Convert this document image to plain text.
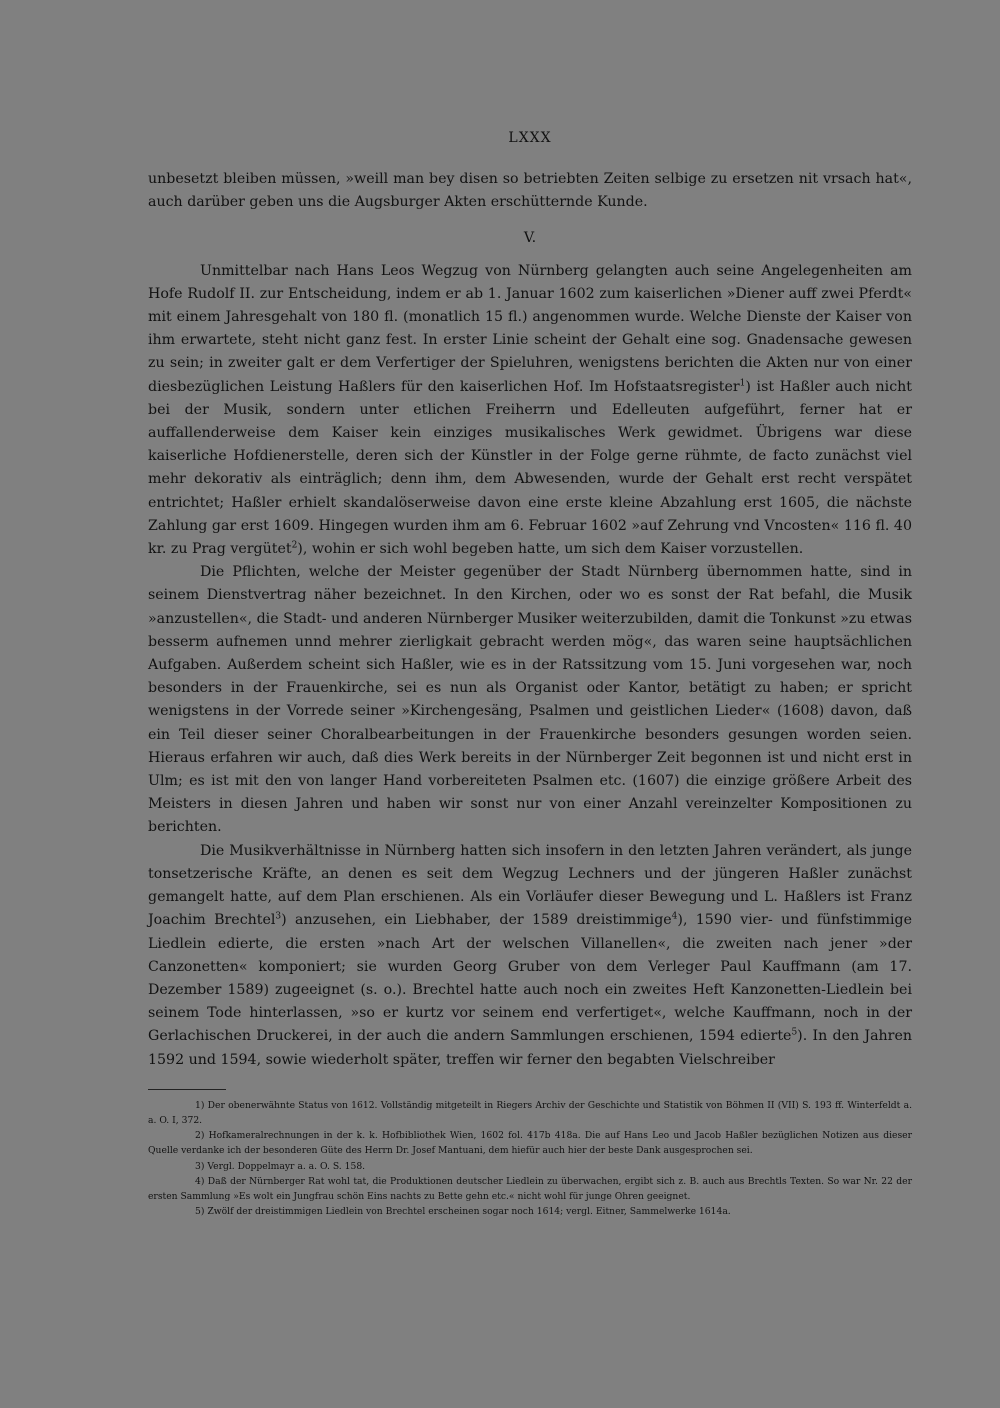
LXXX

unbesetzt bleiben müssen, »weill man bey disen so betriebten Zeiten selbige zu ersetzen nit vrsach hat«, auch darüber geben uns die Augsburger Akten erschütternde Kunde.

V.

Unmittelbar nach Hans Leos Wegzug von Nürnberg gelangten auch seine Angelegenheiten am Hofe Rudolf II. zur Entscheidung, indem er ab 1. Januar 1602 zum kaiserlichen »Diener auff zwei Pferdt« mit einem Jahresgehalt von 180 fl. (monatlich 15 fl.) angenommen wurde. Welche Dienste der Kaiser von ihm erwartete, steht nicht ganz fest. In erster Linie scheint der Gehalt eine sog. Gnadensache gewesen zu sein; in zweiter galt er dem Verfertiger der Spieluhren, wenigstens berichten die Akten nur von einer diesbezüglichen Leistung Haßlers für den kaiserlichen Hof. Im Hofstaatsregister$^1$) ist Haßler auch nicht bei der Musik, sondern unter etlichen Freiherrn und Edelleuten aufgeführt, ferner hat er auffallenderweise dem Kaiser kein einziges musikalisches Werk gewidmet. Übrigens war diese kaiserliche Hofdienerstelle, deren sich der Künstler in der Folge gerne rühmte, de facto zunächst viel mehr dekorativ als einträglich; denn ihm, dem Abwesenden, wurde der Gehalt erst recht verspätet entrichtet; Haßler erhielt skandalöserweise davon eine erste kleine Abzahlung erst 1605, die nächste Zahlung gar erst 1609. Hingegen wurden ihm am 6. Februar 1602 »auf Zehrung vnd Vncosten« 116 fl. 40 kr. zu Prag vergütet$^2$), wohin er sich wohl begeben hatte, um sich dem Kaiser vorzustellen.

Die Pflichten, welche der Meister gegenüber der Stadt Nürnberg übernommen hatte, sind in seinem Dienstvertrag näher bezeichnet. In den Kirchen, oder wo es sonst der Rat befahl, die Musik »anzustellen«, die Stadt- und anderen Nürnberger Musiker weiterzubilden, damit die Tonkunst »zu etwas besserm aufnemen unnd mehrer zierligkait gebracht werden mög«, das waren seine hauptsächlichen Aufgaben. Außerdem scheint sich Haßler, wie es in der Ratssitzung vom 15. Juni vorgesehen war, noch besonders in der Frauenkirche, sei es nun als Organist oder Kantor, betätigt zu haben; er spricht wenigstens in der Vorrede seiner »Kirchengesäng, Psalmen und geistlichen Lieder« (1608) davon, daß ein Teil dieser seiner Choralbearbeitungen in der Frauenkirche besonders gesungen worden seien. Hieraus erfahren wir auch, daß dies Werk bereits in der Nürnberger Zeit begonnen ist und nicht erst in Ulm; es ist mit den von langer Hand vorbereiteten Psalmen etc. (1607) die einzige größere Arbeit des Meisters in diesen Jahren und haben wir sonst nur von einer Anzahl vereinzelter Kompositionen zu berichten.

Die Musikverhältnisse in Nürnberg hatten sich insofern in den letzten Jahren verändert, als junge tonsetzerische Kräfte, an denen es seit dem Wegzug Lechners und der jüngeren Haßler zunächst gemangelt hatte, auf dem Plan erschienen. Als ein Vorläufer dieser Bewegung und L. Haßlers ist Franz Joachim Brechtel$^3$) anzusehen, ein Liebhaber, der 1589 dreistimmige$^4$), 1590 vier- und fünfstimmige Liedlein edierte, die ersten »nach Art der welschen Villanellen«, die zweiten nach jener »der Canzonetten« komponiert; sie wurden Georg Gruber von dem Verleger Paul Kauffmann (am 17. Dezember 1589) zugeeignet (s. o.). Brechtel hatte auch noch ein zweites Heft Kanzonetten-Liedlein bei seinem Tode hinterlassen, »so er kurtz vor seinem end verfertiget«, welche Kauffmann, noch in der Gerlachischen Druckerei, in der auch die andern Sammlungen erschienen, 1594 edierte$^5$). In den Jahren 1592 und 1594, sowie wiederholt später, treffen wir ferner den begabten Vielschreiber

1) Der obenerwähnte Status von 1612. Vollständig mitgeteilt in Riegers Archiv der Geschichte und Statistik von Böhmen II (VII) S. 193 ff. Winterfeldt a. a. O. I, 372.

2) Hofkameralrechnungen in der k. k. Hofbibliothek Wien, 1602 fol. 417b 418a. Die auf Hans Leo und Jacob Haßler bezüglichen Notizen aus dieser Quelle verdanke ich der besonderen Güte des Herrn Dr. Josef Mantuani, dem hiefür auch hier der beste Dank ausgesprochen sei.

3) Vergl. Doppelmayr a. a. O. S. 158.

4) Daß der Nürnberger Rat wohl tat, die Produktionen deutscher Liedlein zu überwachen, ergibt sich z. B. auch aus Brechtls Texten. So war Nr. 22 der ersten Sammlung »Es wolt ein Jungfrau schön Eins nachts zu Bette gehn etc.« nicht wohl für junge Ohren geeignet.

5) Zwölf der dreistimmigen Liedlein von Brechtel erscheinen sogar noch 1614; vergl. Eitner, Sammelwerke 1614a.
